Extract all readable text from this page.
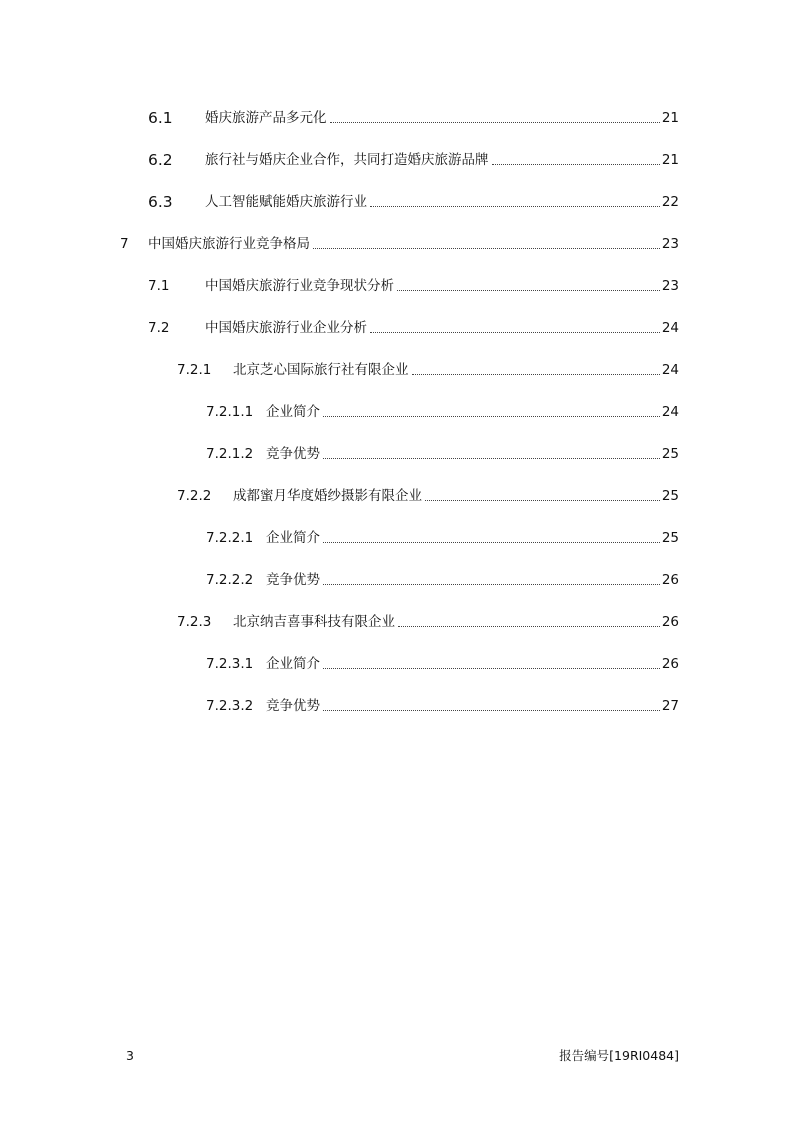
6.1	婚庆旅游产品多元化	21
6.2	旅行社与婚庆企业合作，共同打造婚庆旅游品牌	21
6.3	人工智能赋能婚庆旅游行业	22
7	中国婚庆旅游行业竞争格局	23
7.1	中国婚庆旅游行业竞争现状分析	23
7.2	中国婚庆旅游行业企业分析	24
7.2.1	北京芝心国际旅行社有限企业	24
7.2.1.1 企业简介	24
7.2.1.2 竞争优势	25
7.2.2	成都蜜月华度婚纱摄影有限企业	25
7.2.2.1 企业简介	25
7.2.2.2 竞争优势	26
7.2.3	北京纳吉喜事科技有限企业	26
7.2.3.1 企业简介	26
7.2.3.2 竞争优势	27
3	报告编号[19RI0484]
